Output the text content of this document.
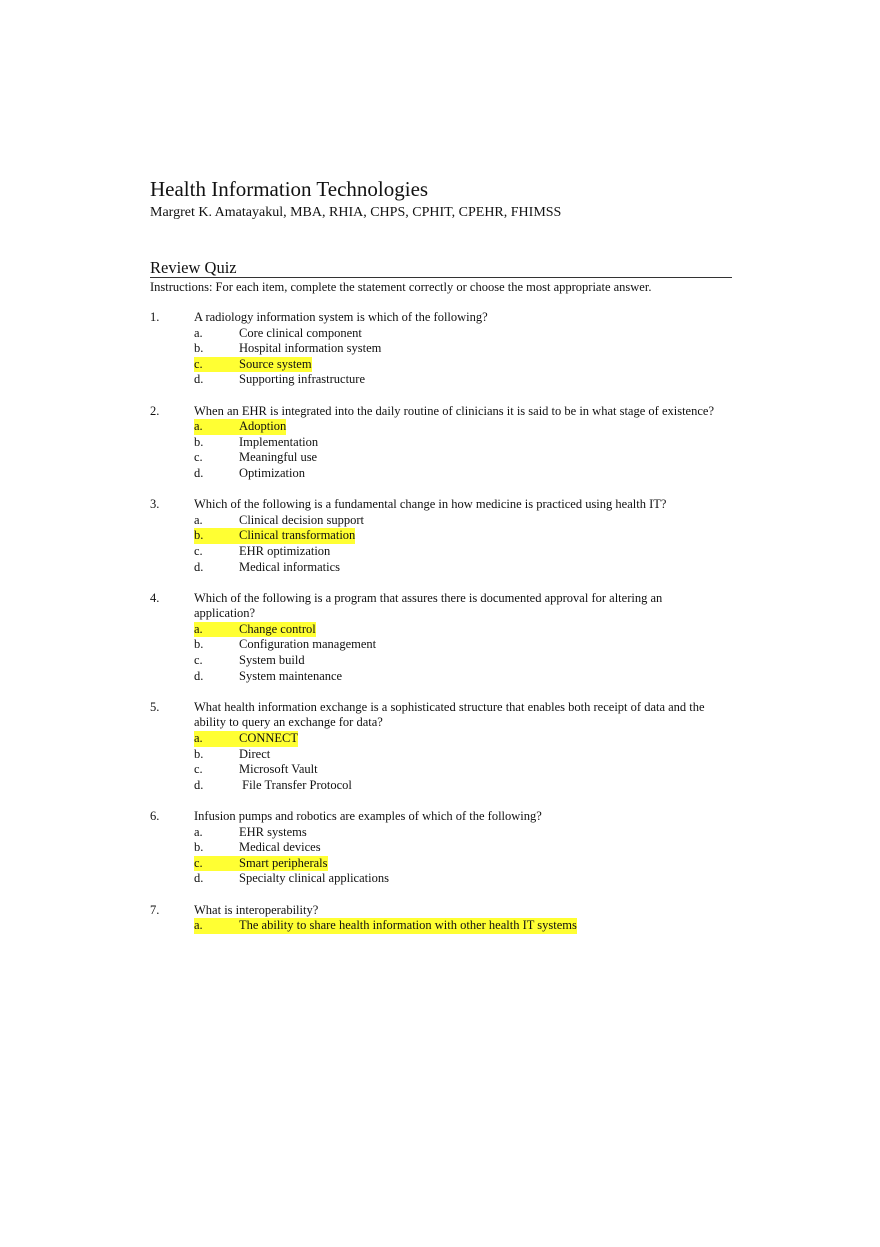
Health Information Technologies
Margret K. Amatayakul, MBA, RHIA, CHPS, CPHIT, CPEHR, FHIMSS
Review Quiz
Instructions: For each item, complete the statement correctly or choose the most appropriate answer.
1.	A radiology information system is which of the following?
a.	Core clinical component
b.	Hospital information system
c.	Source system
d.	Supporting infrastructure
2.	When an EHR is integrated into the daily routine of clinicians it is said to be in what stage of existence?
a.	Adoption
b.	Implementation
c.	Meaningful use
d.	Optimization
3.	Which of the following is a fundamental change in how medicine is practiced using health IT?
a.	Clinical decision support
b.	Clinical transformation
c.	EHR optimization
d.	Medical informatics
4.	Which of the following is a program that assures there is documented approval for altering an application?
a.	Change control
b.	Configuration management
c.	System build
d.	System maintenance
5.	What health information exchange is a sophisticated structure that enables both receipt of data and the ability to query an exchange for data?
a.	CONNECT
b.	Direct
c.	Microsoft Vault
d.	File Transfer Protocol
6.	Infusion pumps and robotics are examples of which of the following?
a.	EHR systems
b.	Medical devices
c.	Smart peripherals
d.	Specialty clinical applications
7.	What is interoperability?
a.	The ability to share health information with other health IT systems
